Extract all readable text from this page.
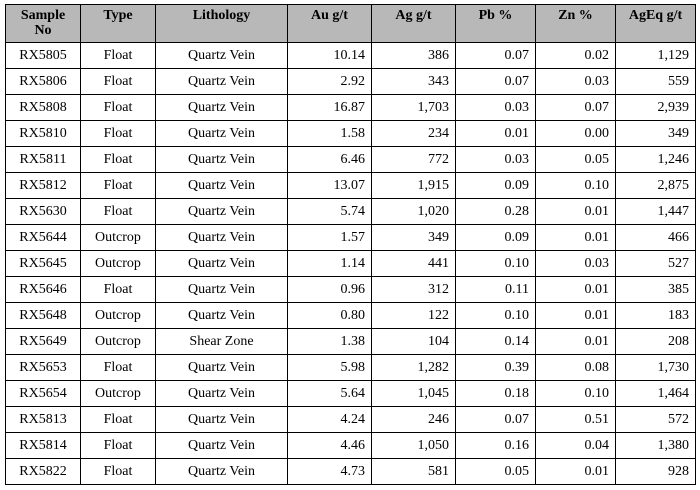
Sample No	Type	Lithology	Au g/t	Ag g/t	Pb %	Zn %	AgEq g/t
RX5805	Float	Quartz Vein	10.14	386	0.07	0.02	1,129
RX5806	Float	Quartz Vein	2.92	343	0.07	0.03	559
RX5808	Float	Quartz Vein	16.87	1,703	0.03	0.07	2,939
RX5810	Float	Quartz Vein	1.58	234	0.01	0.00	349
RX5811	Float	Quartz Vein	6.46	772	0.03	0.05	1,246
RX5812	Float	Quartz Vein	13.07	1,915	0.09	0.10	2,875
RX5630	Float	Quartz Vein	5.74	1,020	0.28	0.01	1,447
RX5644	Outcrop	Quartz Vein	1.57	349	0.09	0.01	466
RX5645	Outcrop	Quartz Vein	1.14	441	0.10	0.03	527
RX5646	Float	Quartz Vein	0.96	312	0.11	0.01	385
RX5648	Outcrop	Quartz Vein	0.80	122	0.10	0.01	183
RX5649	Outcrop	Shear Zone	1.38	104	0.14	0.01	208
RX5653	Float	Quartz Vein	5.98	1,282	0.39	0.08	1,730
RX5654	Outcrop	Quartz Vein	5.64	1,045	0.18	0.10	1,464
RX5813	Float	Quartz Vein	4.24	246	0.07	0.51	572
RX5814	Float	Quartz Vein	4.46	1,050	0.16	0.04	1,380
RX5822	Float	Quartz Vein	4.73	581	0.05	0.01	928
